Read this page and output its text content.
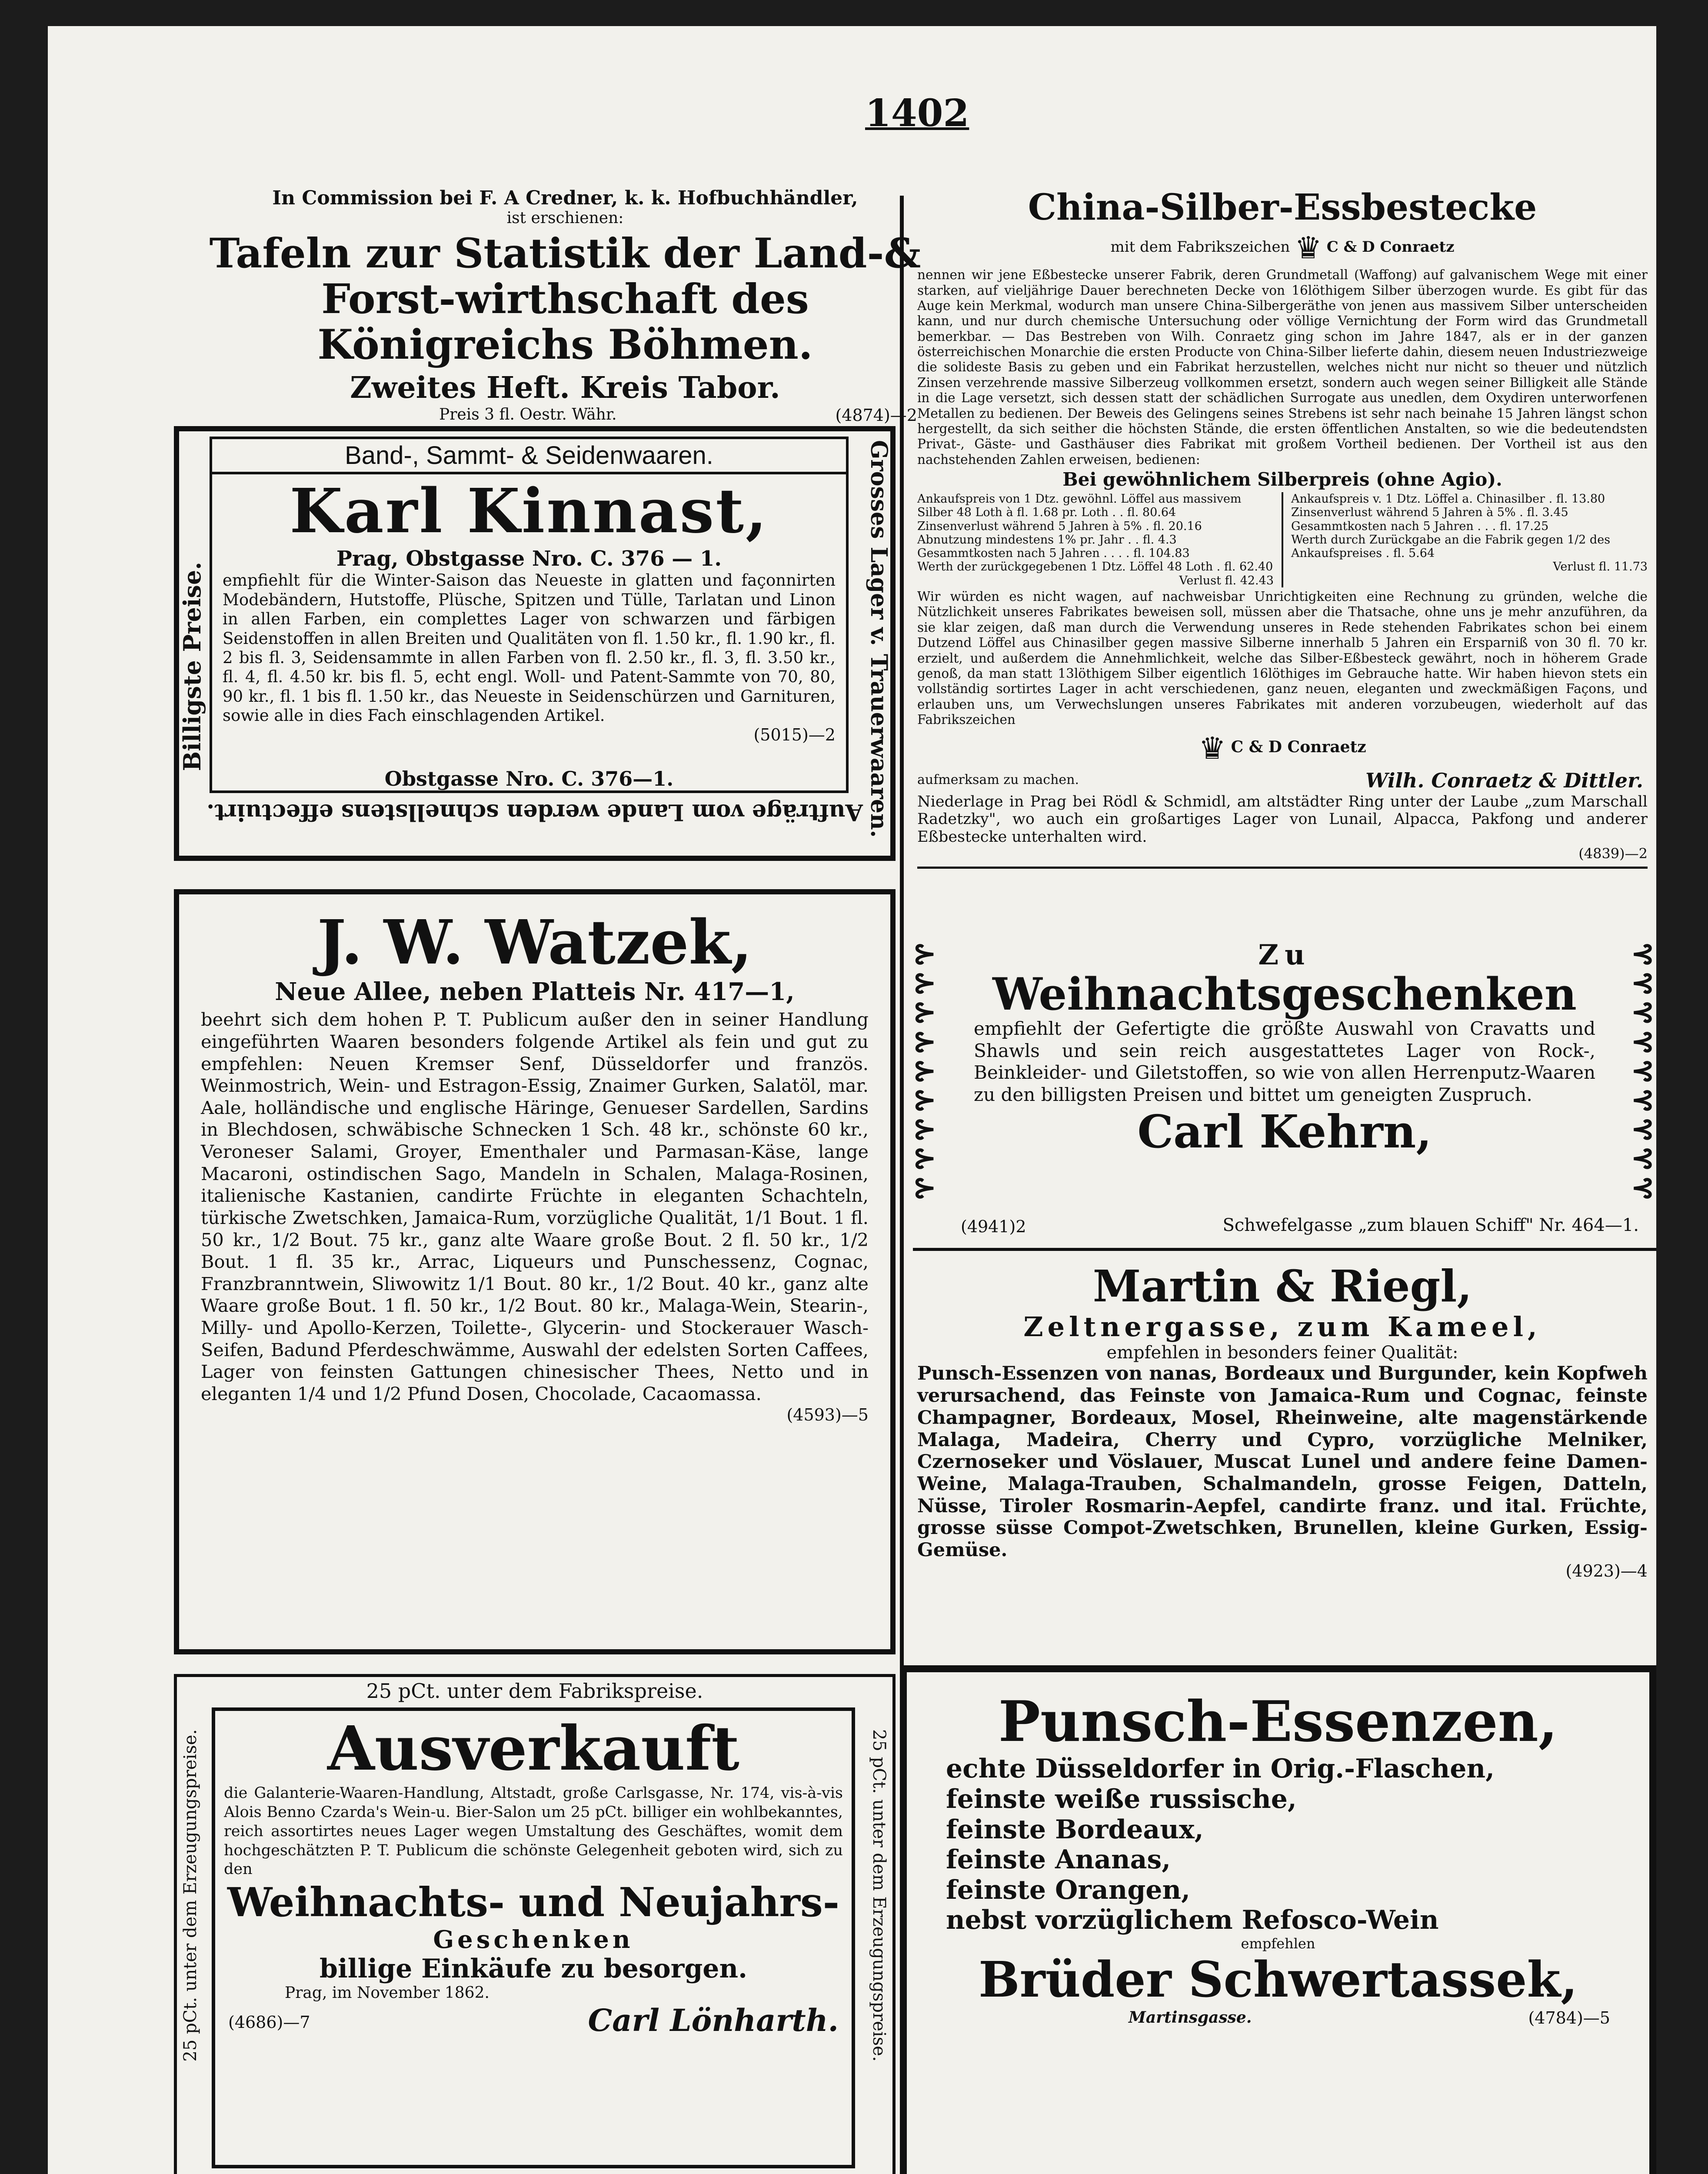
1402

In Commission bei F. A Credner, k. k. Hofbuchhändler,

ist erschienen:

Tafeln zur Statistik der Land-& Forst-wirthschaft des Königreichs Böhmen.

Zweites Heft. Kreis Tabor.

Preis 3 fl. Oestr. Währ.	(4874)—2

Band-, Sammt- & Seidenwaaren.

Karl Kinnast,

Prag, Obstgasse Nro. C. 376 — 1.

empfiehlt für die Winter-Saison das Neueste in glatten und façonnirten Modebändern, Hutstoffe, Plüsche, Spitzen und Tülle, Tarlatan und Linon in allen Farben, ein complettes Lager von schwarzen und färbigen Seidenstoffen in allen Breiten und Qualitäten von fl. 1.50 kr., fl. 1.90 kr., fl. 2 bis fl. 3, Seidensammte in allen Farben von fl. 2.50 kr., fl. 3, fl. 3.50 kr., fl. 4, fl. 4.50 kr. bis fl. 5, echt engl. Woll- und Patent-Sammte von 70, 80, 90 kr., fl. 1 bis fl. 1.50 kr., das Neueste in Seidenschürzen und Garnituren, sowie alle in dies Fach einschlagenden Artikel.

(5015)—2

Obstgasse Nro. C. 376—1.

Billigste Preise.	Grosses Lager v. Trauerwaaren.

Aufträge vom Lande werden schnellstens effectuirt.

J. W. Watzek,

Neue Allee, neben Platteis Nr. 417—1,

beehrt sich dem hohen P. T. Publicum außer den in seiner Handlung eingeführten Waaren besonders folgende Artikel als fein und gut zu empfehlen: Neuen Kremser Senf, Düsseldorfer und französ. Weinmostrich, Wein- und Estragon-Essig, Znaimer Gurken, Salatöl, mar. Aale, holländische und englische Häringe, Genueser Sardellen, Sardins in Blechdosen, schwäbische Schnecken 1 Sch. 48 kr., schönste 60 kr., Veroneser Salami, Groyer, Ementhaler und Parmasan-Käse, lange Macaroni, ostindischen Sago, Mandeln in Schalen, Malaga-Rosinen, italienische Kastanien, candirte Früchte in eleganten Schachteln, türkische Zwetschken, Jamaica-Rum, vorzügliche Qualität, 1/1 Bout. 1 fl. 50 kr., 1/2 Bout. 75 kr., ganz alte Waare große Bout. 2 fl. 50 kr., 1/2 Bout. 1 fl. 35 kr., Arrac, Liqueurs und Punschessenz, Cognac, Franzbranntwein, Sliwowitz 1/1 Bout. 80 kr., 1/2 Bout. 40 kr., ganz alte Waare große Bout. 1 fl. 50 kr., 1/2 Bout. 80 kr., Malaga-Wein, Stearin-, Milly- und Apollo-Kerzen, Toilette-, Glycerin- und Stockerauer Wasch-Seifen, Badund Pferdeschwämme, Auswahl der edelsten Sorten Caffees, Lager von feinsten Gattungen chinesischer Thees, Netto und in eleganten 1/4 und 1/2 Pfund Dosen, Chocolade, Cacaomassa.

(4593)—5

25 pCt. unter dem Fabrikspreise.

Ausverkauft

die Galanterie-Waaren-Handlung, Altstadt, große Carlsgasse, Nr. 174, vis-à-vis Alois Benno Czarda's Wein-u. Bier-Salon um 25 pCt. billiger ein wohlbekanntes, reich assortirtes neues Lager wegen Umstaltung des Geschäftes, womit dem hochgeschätzten P. T. Publicum die schönste Gelegenheit geboten wird, sich zu den

Weihnachts- und Neujahrs-

Geschenken

billige Einkäufe zu besorgen.

Prag, im November 1862.

(4686)—7	Carl Lönharth.
25 pCt. unter dem Erzeugungspreise.	25 pCt. unter dem Erzeugungspreise.

China-Silber-Essbestecke

mit dem Fabrikszeichen ♛ C & D Conraetz

nennen wir jene Eßbestecke unserer Fabrik, deren Grundmetall (Waffong) auf galvanischem Wege mit einer starken, auf vieljährige Dauer berechneten Decke von 16löthigem Silber überzogen wurde. Es gibt für das Auge kein Merkmal, wodurch man unsere China-Silbergeräthe von jenen aus massivem Silber unterscheiden kann, und nur durch chemische Untersuchung oder völlige Vernichtung der Form wird das Grundmetall bemerkbar. — Das Bestreben von Wilh. Conraetz ging schon im Jahre 1847, als er in der ganzen österreichischen Monarchie die ersten Producte von China-Silber lieferte dahin, diesem neuen Industriezweige die solideste Basis zu geben und ein Fabrikat herzustellen, welches nicht nur nicht so theuer und nützlich Zinsen verzehrende massive Silberzeug vollkommen ersetzt, sondern auch wegen seiner Billigkeit alle Stände in die Lage versetzt, sich dessen statt der schädlichen Surrogate aus unedlen, dem Oxydiren unterworfenen Metallen zu bedienen. Der Beweis des Gelingens seines Strebens ist sehr nach beinahe 15 Jahren längst schon hergestellt, da sich seither die höchsten Stände, die ersten öffentlichen Anstalten, so wie die bedeutendsten Privat-, Gäste- und Gasthäuser dies Fabrikat mit großem Vortheil bedienen. Der Vortheil ist aus den nachstehenden Zahlen erweisen, bedienen:

Bei gewöhnlichem Silberpreis (ohne Agio).

Ankaufspreis von 1 Dtz. gewöhnl. Löffel aus massivem

Silber 48 Loth à fl. 1.68 pr. Loth . . fl. 80.64

Zinsenverlust während 5 Jahren à 5% . fl. 20.16

Abnutzung mindestens 1% pr. Jahr . . fl. 4.3

Gesammtkosten nach 5 Jahren . . . . fl. 104.83

Werth der zurückgegebenen 1 Dtz. Löffel 48 Loth . fl. 62.40

Verlust fl. 42.43

Ankaufspreis v. 1 Dtz. Löffel a. Chinasilber . fl. 13.80

Zinsenverlust während 5 Jahren à 5% . fl. 3.45

Gesammtkosten nach 5 Jahren . . . fl. 17.25

Werth durch Zurückgabe an die Fabrik gegen 1/2 des Ankaufspreises . fl. 5.64

Verlust fl. 11.73

Wir würden es nicht wagen, auf nachweisbar Unrichtigkeiten eine Rechnung zu gründen, welche die Nützlichkeit unseres Fabrikates beweisen soll, müssen aber die Thatsache, ohne uns je mehr anzuführen, da sie klar zeigen, daß man durch die Verwendung unseres in Rede stehenden Fabrikates schon bei einem Dutzend Löffel aus Chinasilber gegen massive Silberne innerhalb 5 Jahren ein Ersparniß von 30 fl. 70 kr. erzielt, und außerdem die Annehmlichkeit, welche das Silber-Eßbesteck gewährt, noch in höherem Grade genoß, da man statt 13löthigem Silber eigentlich 16löthiges im Gebrauche hatte. Wir haben hievon stets ein vollständig sortirtes Lager in acht verschiedenen, ganz neuen, eleganten und zweckmäßigen Façons, und erlauben uns, um Verwechslungen unseres Fabrikates mit anderen vorzubeugen, wiederholt auf das Fabrikszeichen

♛ C & D Conraetz
aufmerksam zu machen.	Wilh. Conraetz & Dittler.

Niederlage in Prag bei Rödl & Schmidl, am altstädter Ring unter der Laube „zum Marschall Radetzky", wo auch ein großartiges Lager von Lunail, Alpacca, Pakfong und anderer Eßbestecke unterhalten wird.

(4839)—2

⊱
⊱
⊱
⊱
⊱
⊱
⊱
⊱
⊱
⊰
⊰
⊰
⊰
⊰
⊰
⊰
⊰
⊰

Zu

Weihnachtsgeschenken

empfiehlt der Gefertigte die größte Auswahl von Cravatts und Shawls und sein reich ausgestattetes Lager von Rock-, Beinkleider- und Giletstoffen, so wie von allen Herrenputz-Waaren zu den billigsten Preisen und bittet um geneigten Zuspruch.

Carl Kehrn,

(4941)2	Schwefelgasse „zum blauen Schiff" Nr. 464—1.

Martin & Riegl,

Zeltnergasse, zum Kameel,

empfehlen in besonders feiner Qualität:

Punsch-Essenzen von nanas, Bordeaux und Burgunder, kein Kopfweh verursachend, das Feinste von Jamaica-Rum und Cognac, feinste Champagner, Bordeaux, Mosel, Rheinweine, alte magenstärkende Malaga, Madeira, Cherry und Cypro, vorzügliche Melniker, Czernoseker und Vöslauer, Muscat Lunel und andere feine Damen-Weine, Malaga-Trauben, Schalmandeln, grosse Feigen, Datteln, Nüsse, Tiroler Rosmarin-Aepfel, candirte franz. und ital. Früchte, grosse süsse Compot-Zwetschken, Brunellen, kleine Gurken, Essig-Gemüse.

(4923)—4

Punsch-Essenzen,

echte Düsseldorfer in Orig.-Flaschen,

feinste weiße russische,

feinste Bordeaux,

feinste Ananas,

feinste Orangen,

nebst vorzüglichem Refosco-Wein

empfehlen

Brüder Schwertassek,

Martinsgasse.	(4784)—5
